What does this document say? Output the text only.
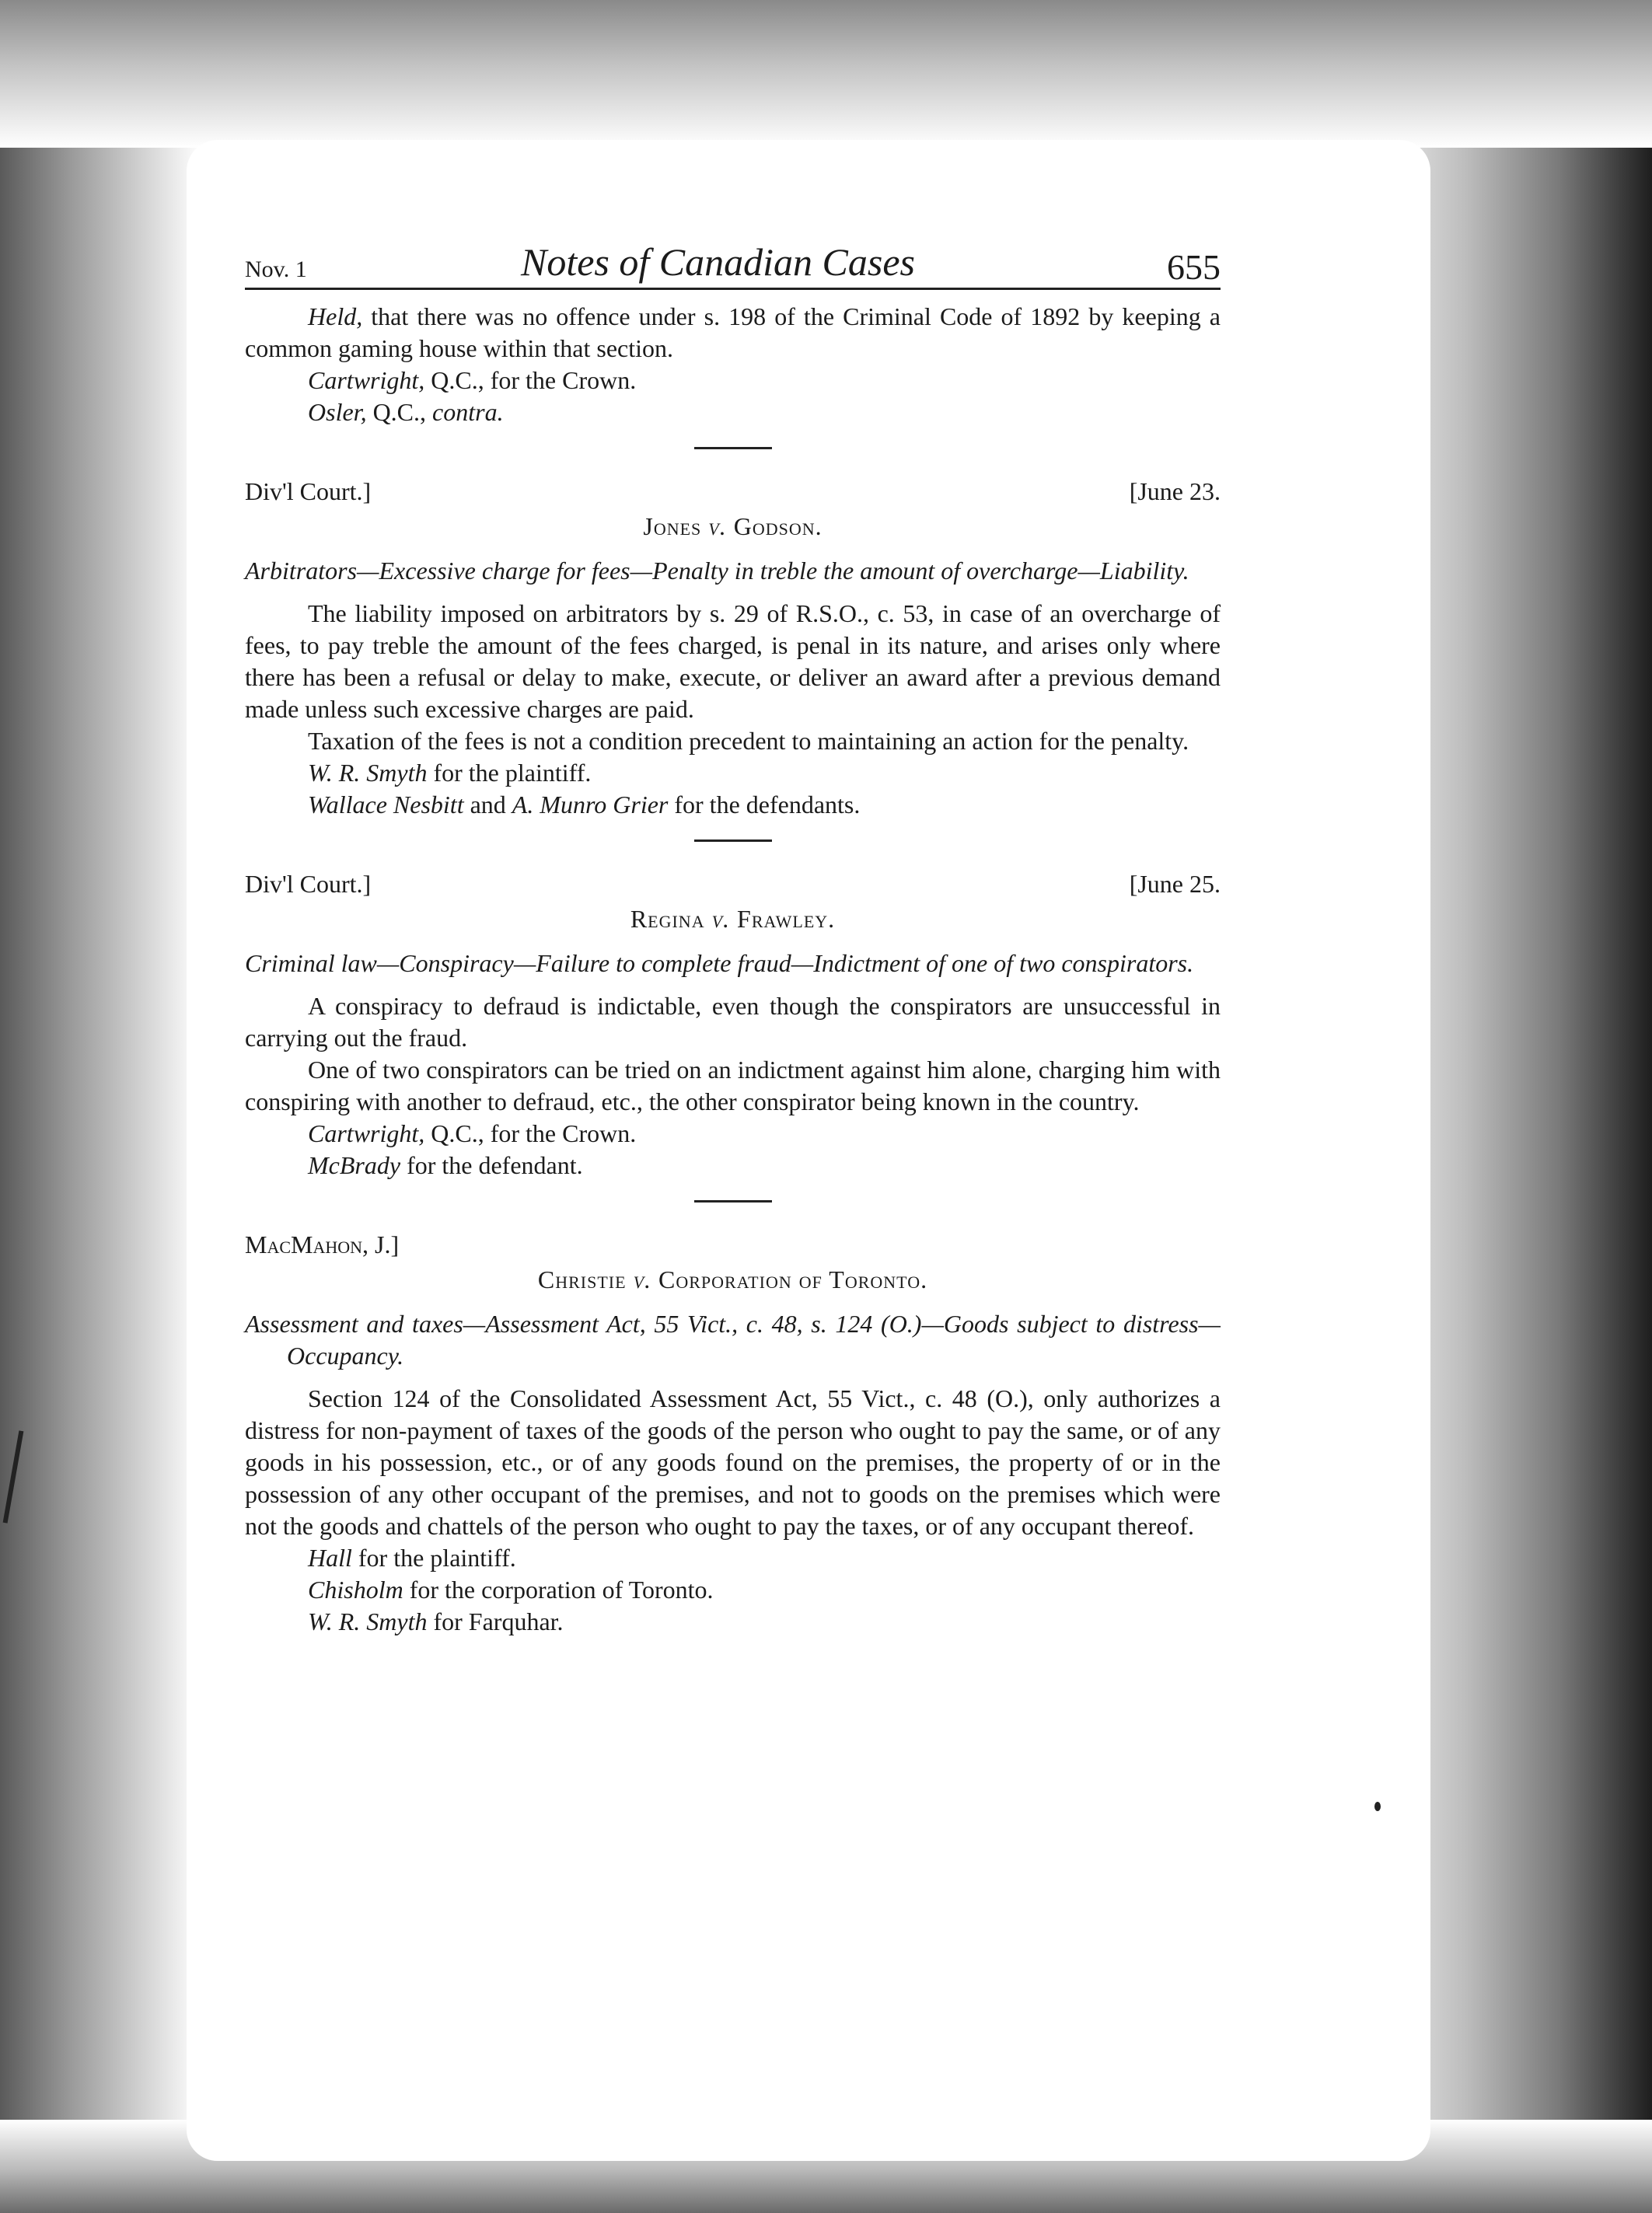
Nov. 1	Notes of Canadian Cases	655

Held, that there was no offence under s. 198 of the Criminal Code of 1892 by keeping a common gaming house within that section.

Cartwright, Q.C., for the Crown.

Osler, Q.C., contra.

Div'l Court.]	[June 23.
Jones v. Godson.

Arbitrators—Excessive charge for fees—Penalty in treble the amount of overcharge—Liability.

The liability imposed on arbitrators by s. 29 of R.S.O., c. 53, in case of an overcharge of fees, to pay treble the amount of the fees charged, is penal in its nature, and arises only where there has been a refusal or delay to make, execute, or deliver an award after a previous demand made unless such excessive charges are paid.

Taxation of the fees is not a condition precedent to maintaining an action for the penalty.

W. R. Smyth for the plaintiff.

Wallace Nesbitt and A. Munro Grier for the defendants.

Div'l Court.]	[June 25.
Regina v. Frawley.

Criminal law—Conspiracy—Failure to complete fraud—Indictment of one of two conspirators.

A conspiracy to defraud is indictable, even though the conspirators are unsuccessful in carrying out the fraud.

One of two conspirators can be tried on an indictment against him alone, charging him with conspiring with another to defraud, etc., the other conspirator being known in the country.

Cartwright, Q.C., for the Crown.

McBrady for the defendant.

MacMahon, J.]
Christie v. Corporation of Toronto.

Assessment and taxes—Assessment Act, 55 Vict., c. 48, s. 124 (O.)—Goods subject to distress—Occupancy.

Section 124 of the Consolidated Assessment Act, 55 Vict., c. 48 (O.), only authorizes a distress for non-payment of taxes of the goods of the person who ought to pay the same, or of any goods in his possession, etc., or of any goods found on the premises, the property of or in the possession of any other occupant of the premises, and not to goods on the premises which were not the goods and chattels of the person who ought to pay the taxes, or of any occupant thereof.

Hall for the plaintiff.

Chisholm for the corporation of Toronto.

W. R. Smyth for Farquhar.
